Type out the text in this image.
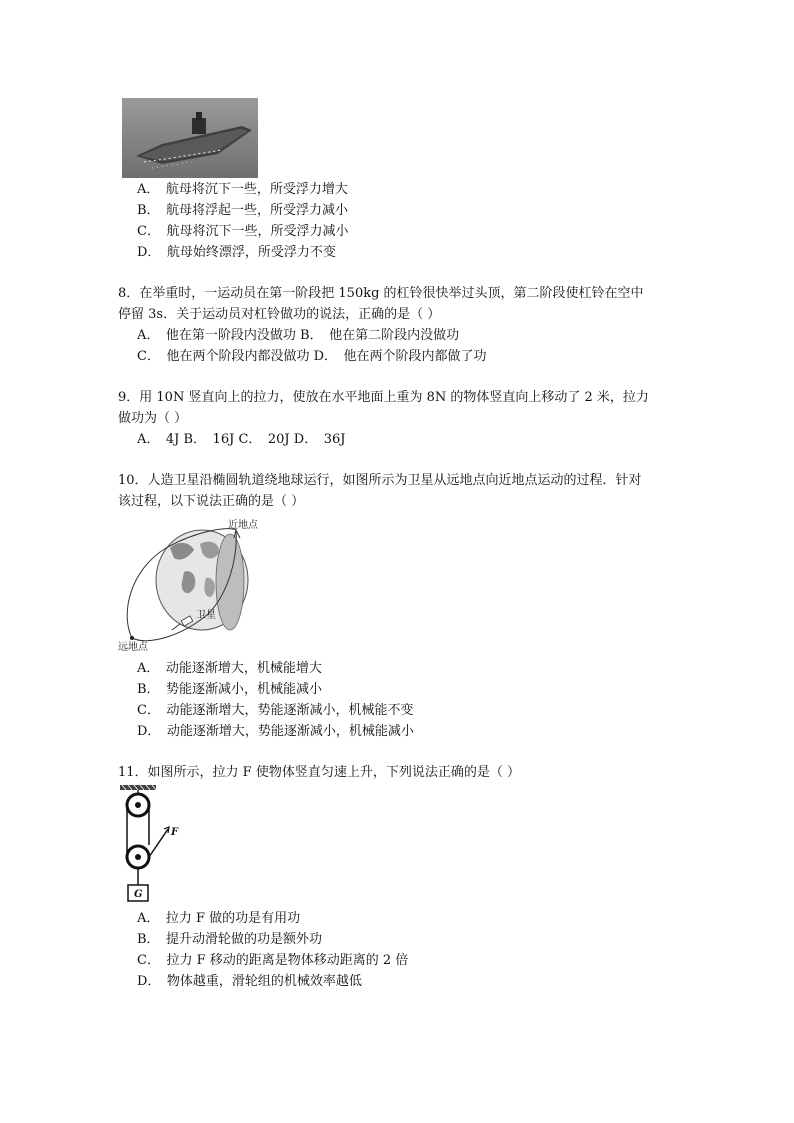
A．　航母将沉下一些，所受浮力增大
B．　航母将浮起一些，所受浮力减小
C．　航母将沉下一些，所受浮力减小
D．　航母始终漂浮，所受浮力不变
8．在举重时，一运动员在第一阶段把 150kg 的杠铃很快举过头顶，第二阶段使杠铃在空中
停留 3s．关于运动员对杠铃做功的说法，正确的是（ ）
A．　他在第一阶段内没做功 B．　他在第二阶段内没做功
C．　他在两个阶段内都没做功 D．　他在两个阶段内都做了功
9．用 10N 竖直向上的拉力，使放在水平地面上重为 8N 的物体竖直向上移动了 2 米，拉力
做功为（ ）
A．　4J B．　16J C．　20J D．　36J
10．人造卫星沿椭圆轨道绕地球运行，如图所示为卫星从远地点向近地点运动的过程．针对
该过程，以下说法正确的是（ ）
近地点
卫星
远地点
A．　动能逐渐增大，机械能增大
B．　势能逐渐减小，机械能减小
C．　动能逐渐增大，势能逐渐减小，机械能不变
D．　动能逐渐增大，势能逐渐减小，机械能减小
11．如图所示，拉力 F 使物体竖直匀速上升，下列说法正确的是（ ）
F
G
A．　拉力 F 做的功是有用功
B．　提升动滑轮做的功是额外功
C．　拉力 F 移动的距离是物体移动距离的 2 倍
D．　物体越重，滑轮组的机械效率越低
